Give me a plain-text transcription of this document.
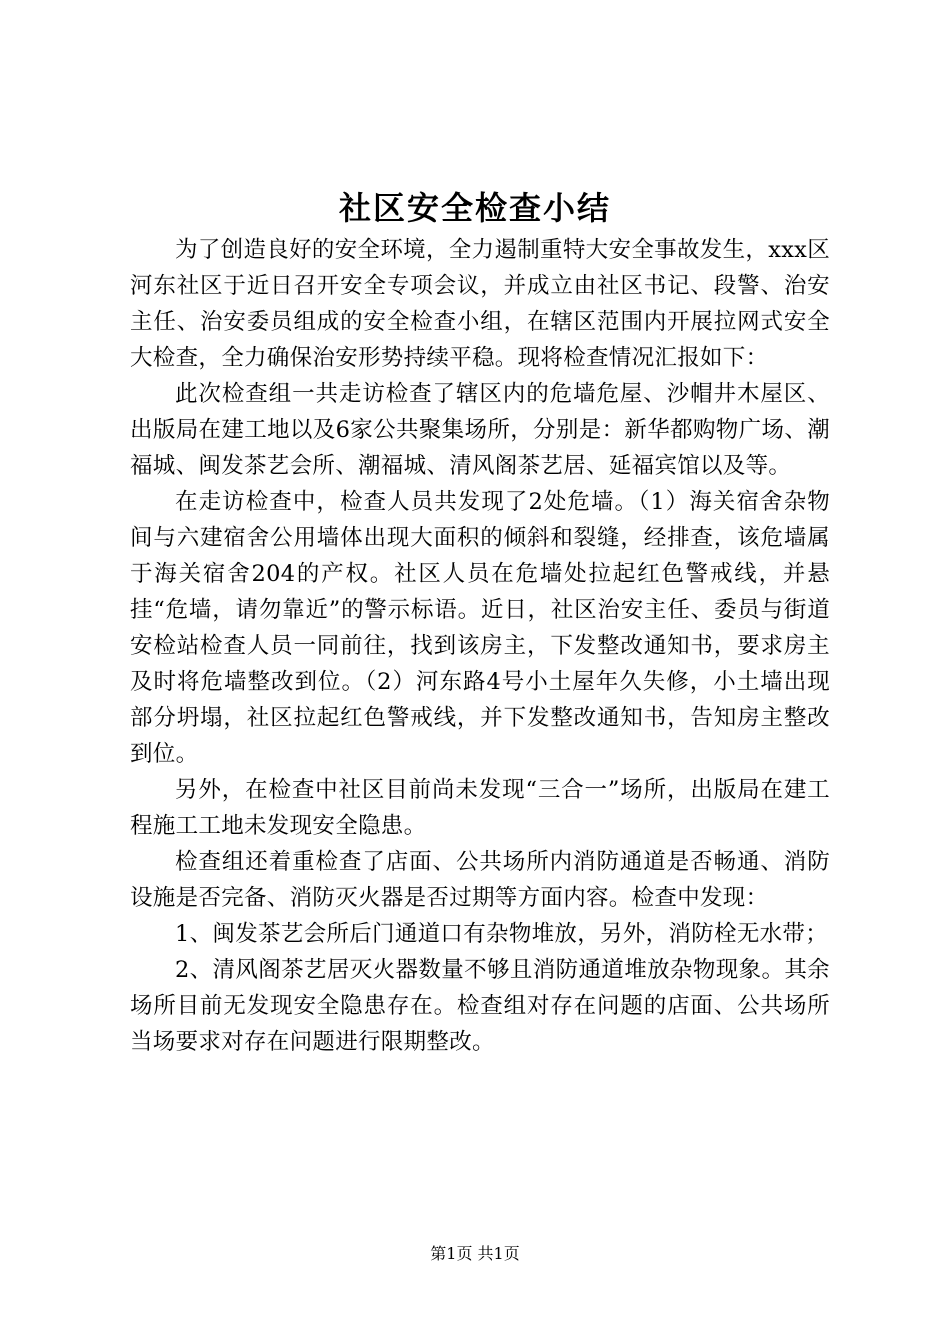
社区安全检查小结

为了创造良好的安全环境，全力遏制重特大安全事故发生，xxx区河东社区于近日召开安全专项会议，并成立由社区书记、段警、治安主任、治安委员组成的安全检查小组，在辖区范围内开展拉网式安全大检查，全力确保治安形势持续平稳。现将检查情况汇报如下：

此次检查组一共走访检查了辖区内的危墙危屋、沙帽井木屋区、出版局在建工地以及6家公共聚集场所，分别是：新华都购物广场、潮福城、闽发茶艺会所、潮福城、清风阁茶艺居、延福宾馆以及等。

在走访检查中，检查人员共发现了2处危墙。（1）海关宿舍杂物间与六建宿舍公用墙体出现大面积的倾斜和裂缝，经排查，该危墙属于海关宿舍204的产权。社区人员在危墙处拉起红色警戒线，并悬挂“危墙，请勿靠近”的警示标语。近日，社区治安主任、委员与街道安检站检查人员一同前往，找到该房主，下发整改通知书，要求房主及时将危墙整改到位。（2）河东路4号小土屋年久失修，小土墙出现部分坍塌，社区拉起红色警戒线，并下发整改通知书，告知房主整改到位。

另外，在检查中社区目前尚未发现“三合一”场所，出版局在建工程施工工地未发现安全隐患。

检查组还着重检查了店面、公共场所内消防通道是否畅通、消防设施是否完备、消防灭火器是否过期等方面内容。检查中发现：

1、闽发茶艺会所后门通道口有杂物堆放，另外，消防栓无水带；

2、清风阁茶艺居灭火器数量不够且消防通道堆放杂物现象。其余场所目前无发现安全隐患存在。检查组对存在问题的店面、公共场所当场要求对存在问题进行限期整改。

第1页 共1页
